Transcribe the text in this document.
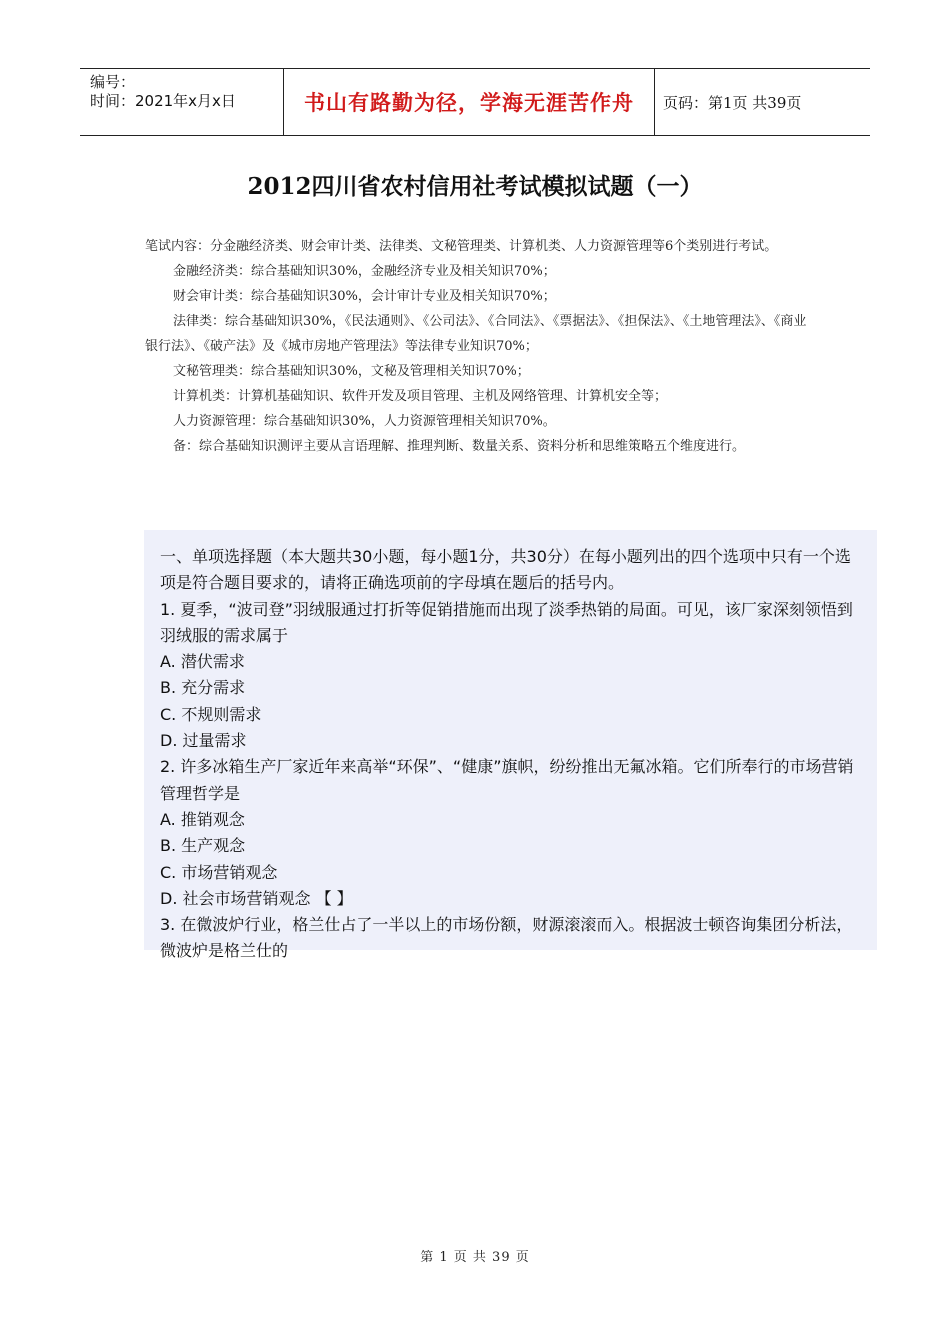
编号：
时间：2021年x月x日	书山有路勤为径，学海无涯苦作舟	页码：第1页 共39页
2012四川省农村信用社考试模拟试题（一）

笔试内容：分金融经济类、财会审计类、法律类、文秘管理类、计算机类、人力资源管理等6个类别进行考试。

金融经济类：综合基础知识30%，金融经济专业及相关知识70%；

财会审计类：综合基础知识30%，会计审计专业及相关知识70%；

法律类：综合基础知识30%，《民法通则》、《公司法》、《合同法》、《票据法》、《担保法》、《土地管理法》、《商业银行法》、《破产法》及《城市房地产管理法》等法律专业知识70%；

文秘管理类：综合基础知识30%，文秘及管理相关知识70%；

计算机类：计算机基础知识、软件开发及项目管理、主机及网络管理、计算机安全等；

人力资源管理：综合基础知识30%，人力资源管理相关知识70%。

备：综合基础知识测评主要从言语理解、推理判断、数量关系、资料分析和思维策略五个维度进行。

一、单项选择题（本大题共30小题，每小题1分，共30分）在每小题列出的四个选项中只有一个选项是符合题目要求的，请将正确选项前的字母填在题后的括号内。

1. 夏季，“波司登”羽绒服通过打折等促销措施而出现了淡季热销的局面。可见，该厂家深刻领悟到羽绒服的需求属于

A. 潜伏需求

B. 充分需求

C. 不规则需求

D. 过量需求

2. 许多冰箱生产厂家近年来高举“环保”、“健康”旗帜，纷纷推出无氟冰箱。它们所奉行的市场营销管理哲学是

A. 推销观念

B. 生产观念

C. 市场营销观念

D. 社会市场营销观念 【 】

3. 在微波炉行业，格兰仕占了一半以上的市场份额，财源滚滚而入。根据波士顿咨询集团分析法，微波炉是格兰仕的

第 1 页 共 39 页
